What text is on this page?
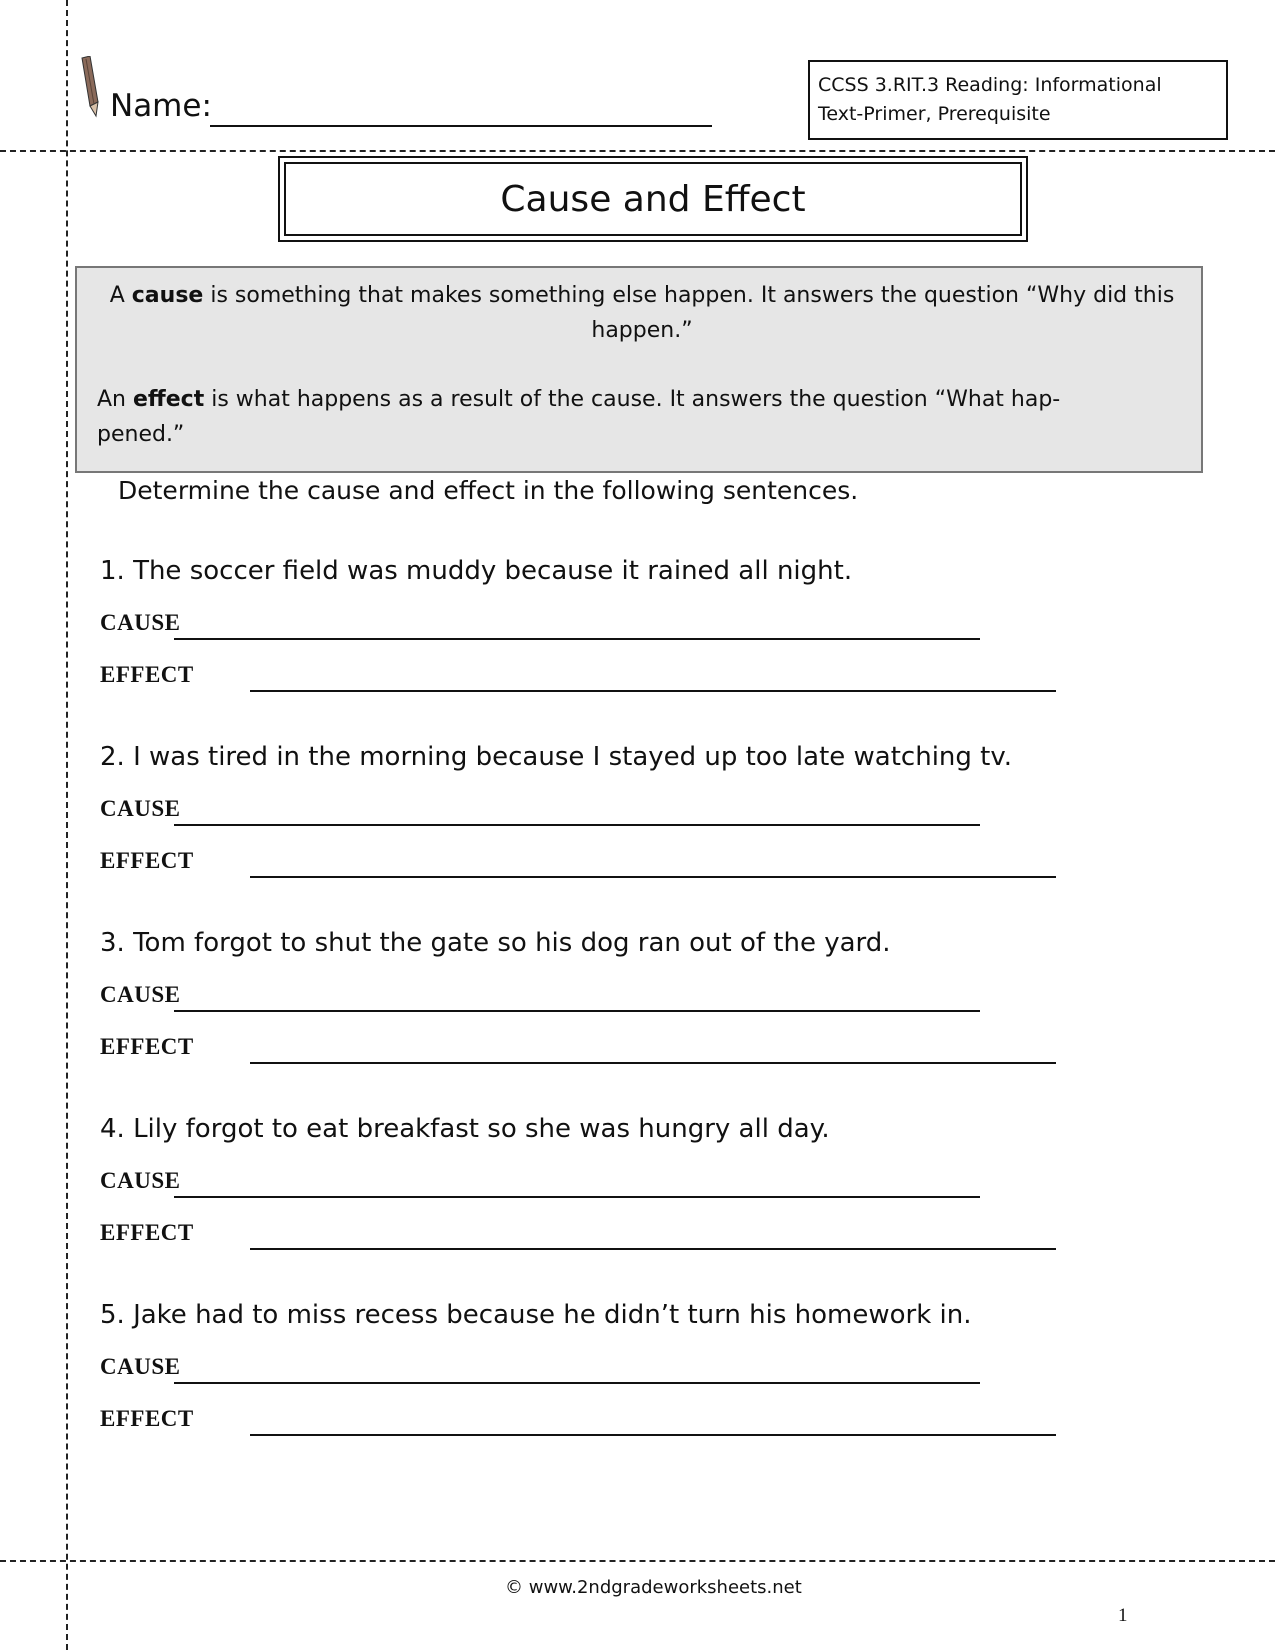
Name:
CCSS 3.RIT.3 Reading: Informational
Text-Primer, Prerequisite
Cause and Effect
A cause is something that makes something else happen. It answers the question “Why did this happen.”
An effect is what happens as a result of the cause. It answers the question “What hap-pened.”
Determine the cause and effect in the following sentences.
1. The soccer field was muddy because it rained all night.
CAUSE
EFFECT
2. I was tired in the morning because I stayed up too late watching tv.
CAUSE
EFFECT
3. Tom forgot to shut the gate so his dog ran out of the yard.
CAUSE
EFFECT
4. Lily forgot to eat breakfast so she was hungry all day.
CAUSE
EFFECT
5. Jake had to miss recess because he didn’t turn his homework in.
CAUSE
EFFECT
© www.2ndgradeworksheets.net
1
